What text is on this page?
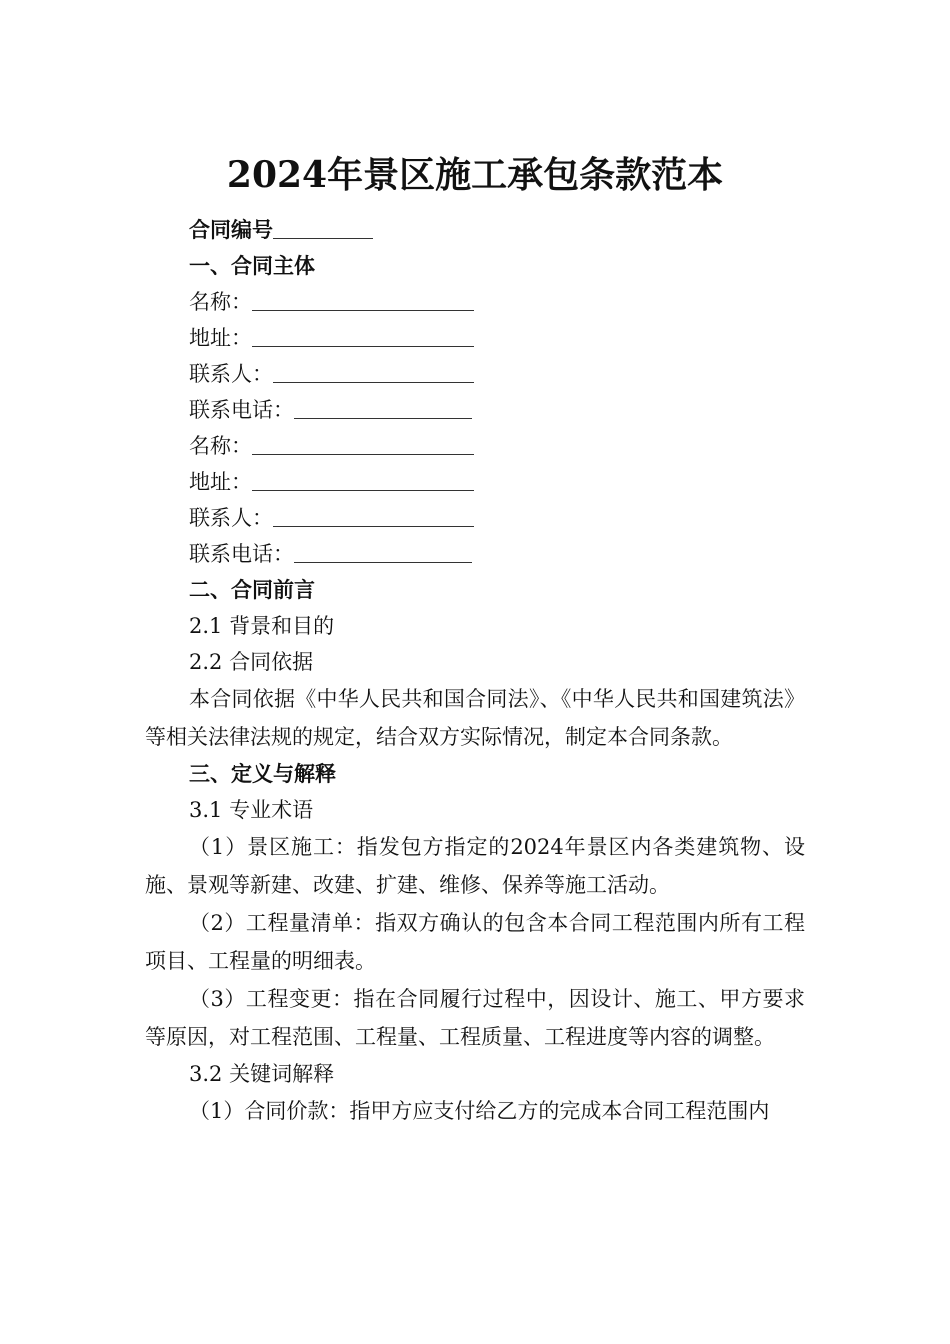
2024年景区施工承包条款范本
合同编号
一、合同主体
名称：
地址：
联系人：
联系电话：
名称：
地址：
联系人：
联系电话：
二、合同前言
2.1 背景和目的
2.2 合同依据

本合同依据《中华人民共和国合同法》、《中华人民共和国建筑法》等相关法律法规的规定，结合双方实际情况，制定本合同条款。

三、定义与解释
3.1 专业术语

（1）景区施工：指发包方指定的2024年景区内各类建筑物、设施、景观等新建、改建、扩建、维修、保养等施工活动。

（2）工程量清单：指双方确认的包含本合同工程范围内所有工程项目、工程量的明细表。

（3）工程变更：指在合同履行过程中，因设计、施工、甲方要求等原因，对工程范围、工程量、工程质量、工程进度等内容的调整。

3.2 关键词解释

（1）合同价款：指甲方应支付给乙方的完成本合同工程范围内
